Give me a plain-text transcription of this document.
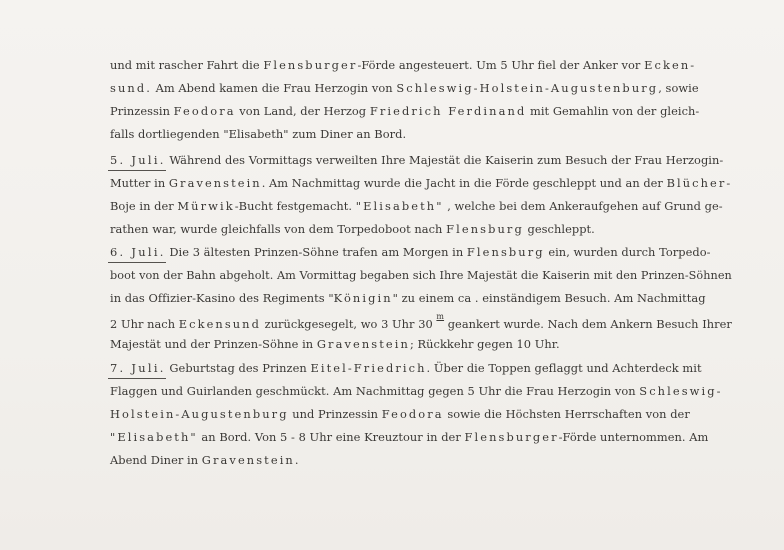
und mit rascher Fahrt die Flensburger-Förde angesteuert. Um 5 Uhr fiel der Anker vor Ecken-
sund. Am Abend kamen die Frau Herzogin von Schleswig-Holstein-Augustenburg, sowie
Prinzessin Feodora von Land, der Herzog Friedrich Ferdinand mit Gemahlin von der gleich-
falls dortliegenden "Elisabeth" zum Diner an Bord.
5. Juli. Während des Vormittags verweilten Ihre Majestät die Kaiserin zum Besuch der Frau Herzogin-
Mutter in Gravenstein. Am Nachmittag wurde die Jacht in die Förde geschleppt und an der Blücher-
Boje in der Mürwik-Bucht festgemacht. "Elisabeth" , welche bei dem Ankeraufgehen auf Grund ge-
rathen war, wurde gleichfalls von dem Torpedoboot nach Flensburg geschleppt.
6. Juli. Die 3 ältesten Prinzen-Söhne trafen am Morgen in Flensburg ein, wurden durch Torpedo-
boot von der Bahn abgeholt. Am Vormittag begaben sich Ihre Majestät die Kaiserin mit den Prinzen-Söhnen
in das Offizier-Kasino des Regiments "Königin" zu einem ca . einständigem Besuch. Am Nachmittag
2 Uhr nach Eckensund zurückgesegelt, wo 3 Uhr 30 $^m$ geankert wurde. Nach dem Ankern Besuch Ihrer
Majestät und der Prinzen-Söhne in Gravenstein; Rückkehr gegen 10 Uhr.
7. Juli. Geburtstag des Prinzen Eitel-Friedrich. Über die Toppen geflaggt und Achterdeck mit
Flaggen und Guirlanden geschmückt. Am Nachmittag gegen 5 Uhr die Frau Herzogin von Schleswig-
Holstein-Augustenburg und Prinzessin Feodora sowie die Höchsten Herrschaften von der
"Elisabeth" an Bord. Von 5 - 8 Uhr eine Kreuztour in der Flensburger-Förde unternommen. Am
Abend Diner in Gravenstein.
